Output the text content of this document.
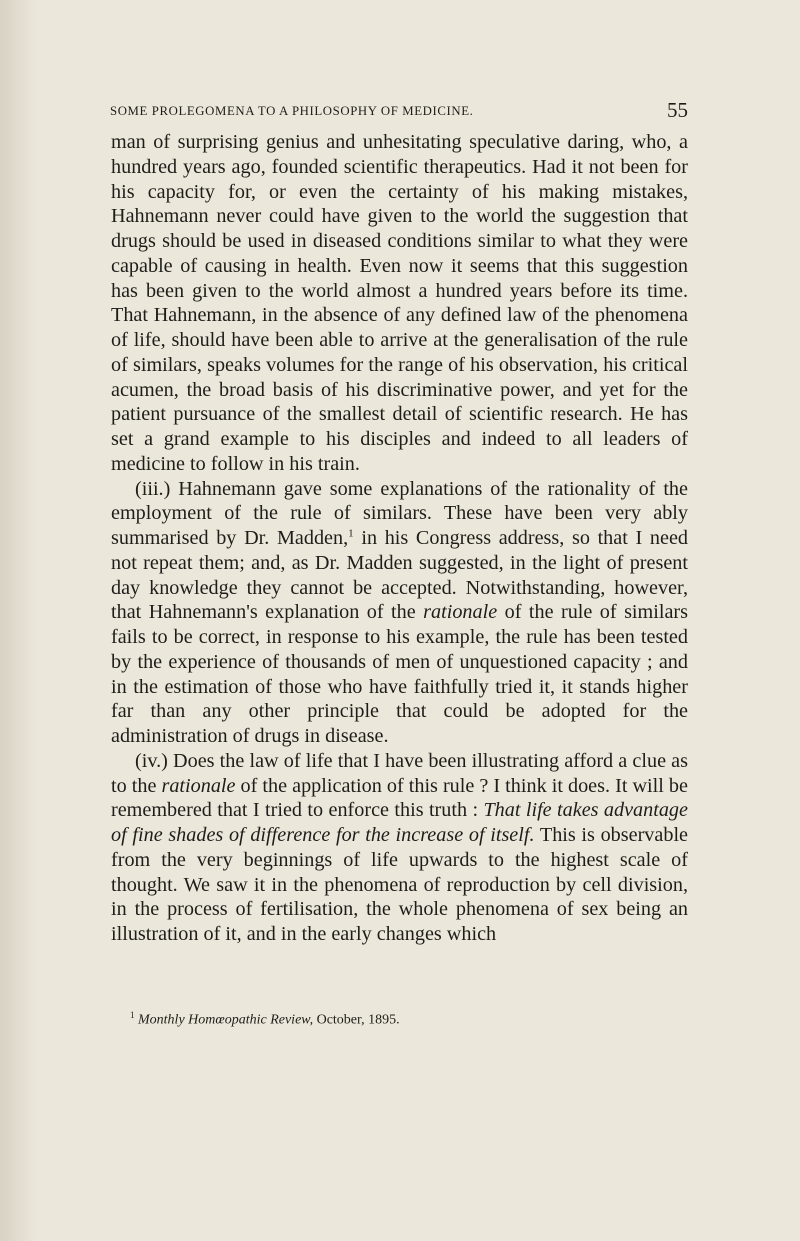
SOME PROLEGOMENA TO A PHILOSOPHY OF MEDICINE.	55

man of surprising genius and unhesitating speculative daring, who, a hundred years ago, founded scientific therapeutics. Had it not been for his capacity for, or even the certainty of his making mistakes, Hahnemann never could have given to the world the suggestion that drugs should be used in diseased conditions similar to what they were capable of causing in health. Even now it seems that this suggestion has been given to the world almost a hundred years before its time. That Hahnemann, in the absence of any defined law of the phenomena of life, should have been able to arrive at the generalisation of the rule of similars, speaks volumes for the range of his observation, his critical acumen, the broad basis of his discriminative power, and yet for the patient pursuance of the smallest detail of scientific research. He has set a grand example to his disciples and indeed to all leaders of medicine to follow in his train.

(iii.) Hahnemann gave some explanations of the rationality of the employment of the rule of similars. These have been very ably summarised by Dr. Madden,$^1$ in his Congress address, so that I need not repeat them; and, as Dr. Madden suggested, in the light of present day knowledge they cannot be accepted. Notwithstanding, however, that Hahnemann's explanation of the rationale of the rule of similars fails to be correct, in response to his example, the rule has been tested by the experience of thousands of men of unquestioned capacity ; and in the estimation of those who have faithfully tried it, it stands higher far than any other principle that could be adopted for the administration of drugs in disease.

(iv.) Does the law of life that I have been illustrating afford a clue as to the rationale of the application of this rule ? I think it does. It will be remembered that I tried to enforce this truth : That life takes advantage of fine shades of difference for the increase of itself. This is observable from the very beginnings of life upwards to the highest scale of thought. We saw it in the phenomena of reproduction by cell division, in the process of fertilisation, the whole phenomena of sex being an illustration of it, and in the early changes which

$^1$ Monthly Homœopathic Review, October, 1895.
